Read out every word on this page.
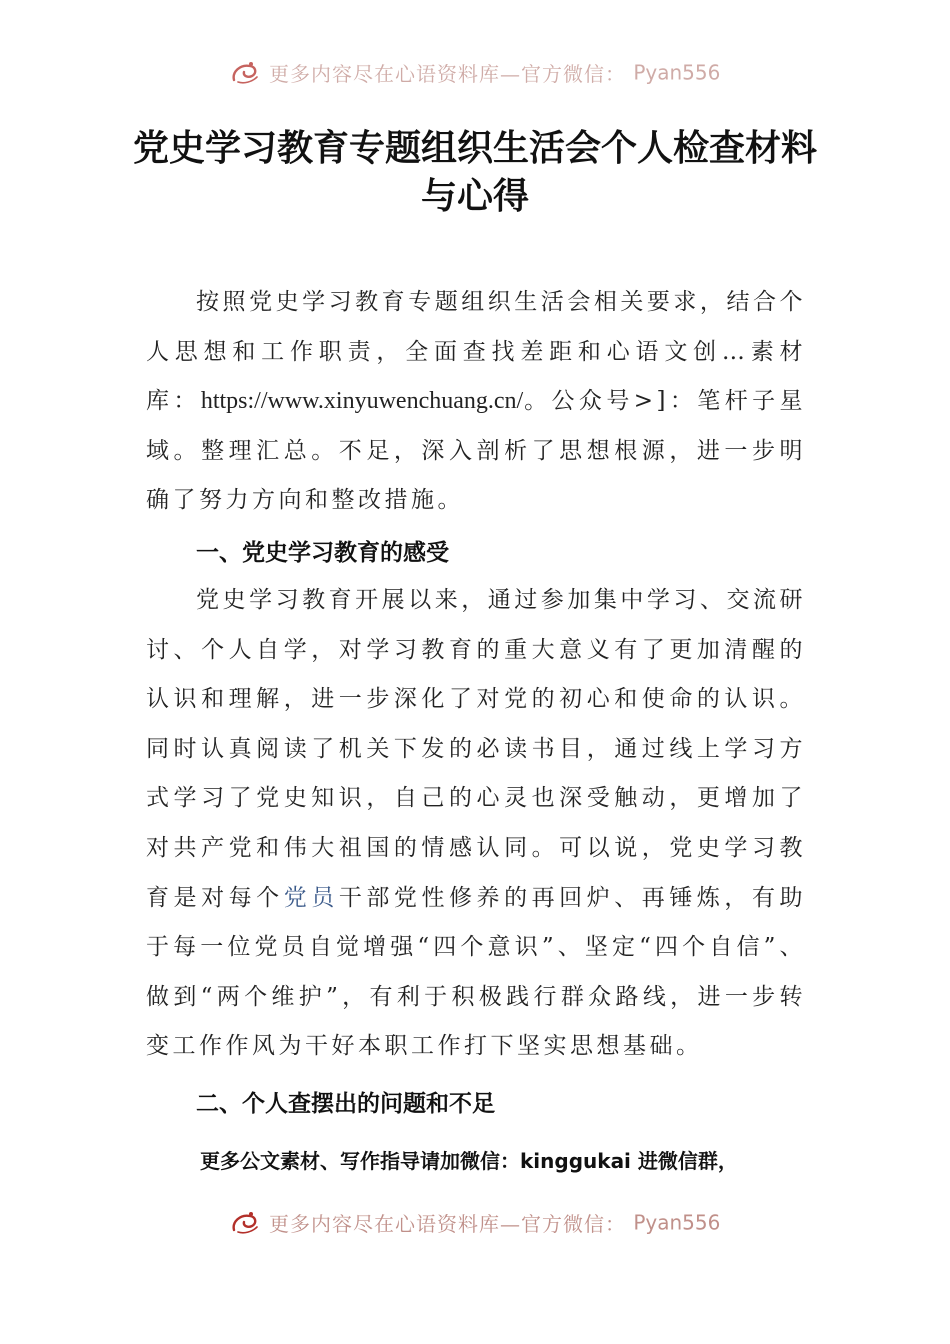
更多内容尽在心语资料库—官方微信： Pyan556
党史学习教育专题组织生活会个人检查材料与心得

按照党史学习教育专题组织生活会相关要求，结合个人思想和工作职责，全面查找差距和心语文创…素材库：https://www.xinyuwenchuang.cn/。公众号>]：笔杆子星域。整理汇总。不足，深入剖析了思想根源，进一步明确了努力方向和整改措施。

一、党史学习教育的感受

党史学习教育开展以来，通过参加集中学习、交流研讨、个人自学，对学习教育的重大意义有了更加清醒的认识和理解，进一步深化了对党的初心和使命的认识。同时认真阅读了机关下发的必读书目，通过线上学习方式学习了党史知识，自己的心灵也深受触动，更增加了对共产党和伟大祖国的情感认同。可以说，党史学习教育是对每个党员干部党性修养的再回炉、再锤炼，有助于每一位党员自觉增强“四个意识”、坚定“四个自信”、做到“两个维护”，有利于积极践行群众路线，进一步转变工作作风为干好本职工作打下坚实思想基础。

二、个人查摆出的问题和不足

更多公文素材、写作指导请加微信：kinggukai 进微信群，

更多内容尽在心语资料库—官方微信： Pyan556
